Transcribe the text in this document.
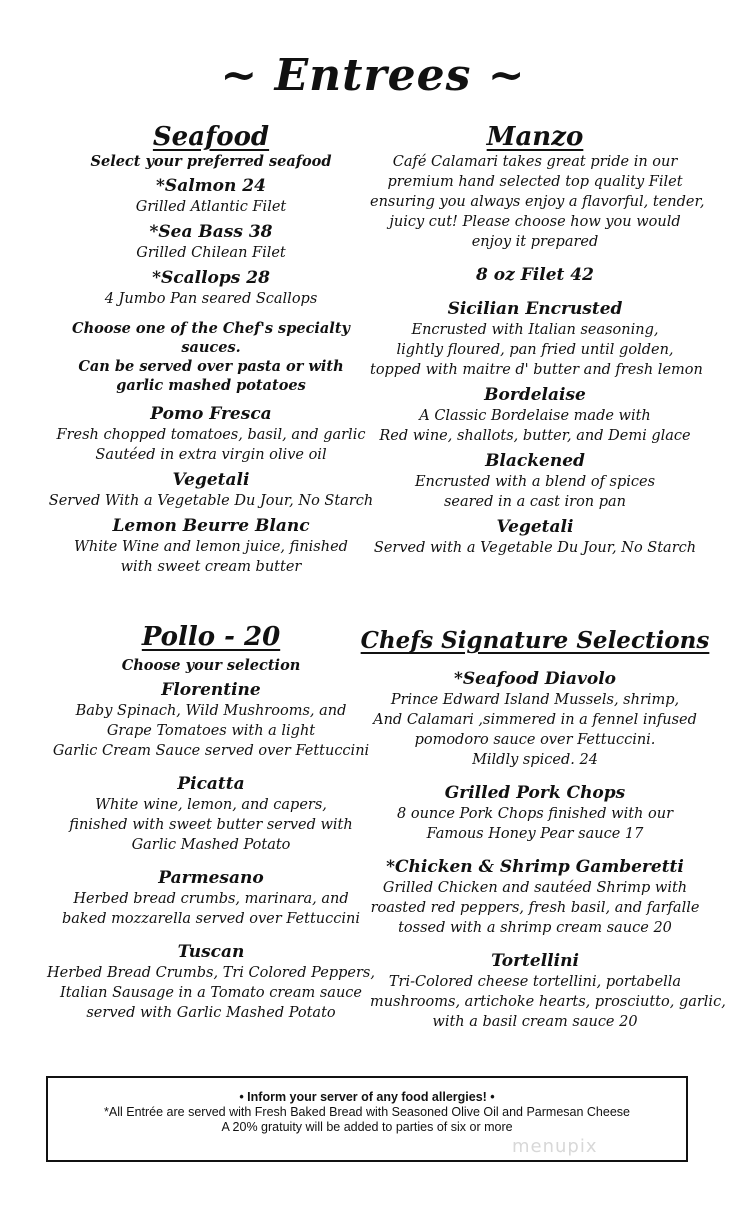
~ Entrees ~
Seafood
Select your preferred seafood
*Salmon 24
Grilled Atlantic Filet
*Sea Bass 38
Grilled Chilean Filet
*Scallops 28
4 Jumbo Pan seared Scallops
Choose one of the Chef's specialty sauces.
Can be served over pasta or with
garlic mashed potatoes
Pomo Fresca
Fresh chopped tomatoes, basil, and garlic
Sautéed in extra virgin olive oil
Vegetali
Served With a Vegetable Du Jour, No Starch
Lemon Beurre Blanc
White Wine and lemon juice, finished
with sweet cream butter
Manzo
Café Calamari takes great pride in our
premium hand selected top quality Filet
ensuring you always enjoy a flavorful, tender,
juicy cut! Please choose how you would
enjoy it prepared
8 oz Filet 42
Sicilian Encrusted
Encrusted with Italian seasoning,
lightly floured, pan fried until golden,
topped with maitre d' butter and fresh lemon
Bordelaise
A Classic Bordelaise made with
Red wine, shallots, butter, and Demi glace
Blackened
Encrusted with a blend of spices
seared in a cast iron pan
Vegetali
Served with a Vegetable Du Jour, No Starch
Pollo - 20
Choose your selection
Florentine
Baby Spinach, Wild Mushrooms, and
Grape Tomatoes with a light
Garlic Cream Sauce served over Fettuccini
Picatta
White wine, lemon, and capers,
finished with sweet butter served with
Garlic Mashed Potato
Parmesano
Herbed bread crumbs, marinara, and
baked mozzarella served over Fettuccini
Tuscan
Herbed Bread Crumbs, Tri Colored Peppers,
Italian Sausage in a Tomato cream sauce
served with Garlic Mashed Potato
Chefs Signature Selections
*Seafood Diavolo
Prince Edward Island Mussels, shrimp,
And Calamari ,simmered in a fennel infused
pomodoro sauce over Fettuccini.
Mildly spiced. 24
Grilled Pork Chops
8 ounce Pork Chops finished with our
Famous Honey Pear sauce 17
*Chicken & Shrimp Gamberetti
Grilled Chicken and sautéed Shrimp with
roasted red peppers, fresh basil, and farfalle
tossed with a shrimp cream sauce 20
Tortellini
Tri-Colored cheese tortellini, portabella
mushrooms, artichoke hearts, prosciutto, garlic,
with a basil cream sauce 20
• Inform your server of any food allergies! •
*All Entrée are served with Fresh Baked Bread with Seasoned Olive Oil and Parmesan Cheese
A 20% gratuity will be added to parties of six or more
menupix
